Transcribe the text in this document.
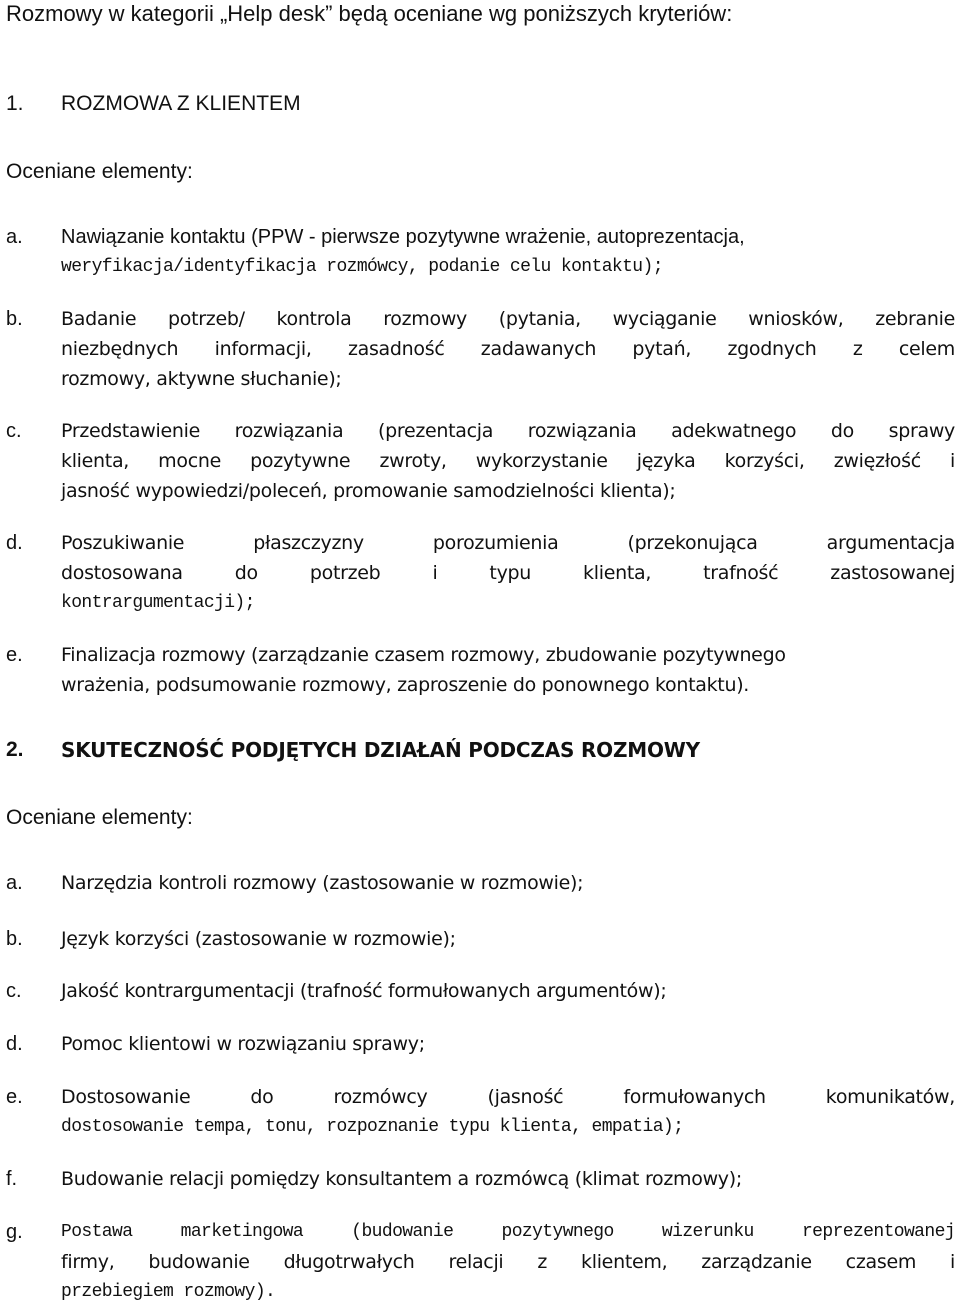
Rozmowy w kategorii „Help desk” będą oceniane wg poniższych kryteriów:
1. ROZMOWA Z KLIENTEM
Oceniane elementy:
a. Nawiązanie kontaktu (PPW - pierwsze pozytywne wrażenie, autoprezentacja,
weryfikacja/identyfikacja rozmówcy, podanie celu kontaktu);
b. Badanie potrzeb/ kontrola rozmowy (pytania, wyciąganie wniosków, zebranie
niezbędnych informacji, zasadność zadawanych pytań, zgodnych z celem
rozmowy, aktywne słuchanie);
c. Przedstawienie rozwiązania (prezentacja rozwiązania adekwatnego do sprawy
klienta, mocne pozytywne zwroty, wykorzystanie języka korzyści, zwięzłość i
jasność wypowiedzi/poleceń, promowanie samodzielności klienta);
d. Poszukiwanie płaszczyzny porozumienia (przekonująca argumentacja
dostosowana do potrzeb i typu klienta, trafność zastosowanej
kontrargumentacji);
e. Finalizacja rozmowy (zarządzanie czasem rozmowy, zbudowanie pozytywnego
wrażenia, podsumowanie rozmowy, zaproszenie do ponownego kontaktu).
2. SKUTECZNOŚĆ PODJĘTYCH DZIAŁAŃ PODCZAS ROZMOWY
Oceniane elementy:
a. Narzędzia kontroli rozmowy (zastosowanie w rozmowie);
b. Język korzyści (zastosowanie w rozmowie);
c. Jakość kontrargumentacji (trafność formułowanych argumentów);
d. Pomoc klientowi w rozwiązaniu sprawy;
e. Dostosowanie do rozmówcy (jasność formułowanych komunikatów,
dostosowanie tempa, tonu, rozpoznanie typu klienta, empatia);
f. Budowanie relacji pomiędzy konsultantem a rozmówcą (klimat rozmowy);
g. Postawa marketingowa (budowanie pozytywnego wizerunku reprezentowanej
firmy, budowanie długotrwałych relacji z klientem, zarządzanie czasem i
przebiegiem rozmowy).
